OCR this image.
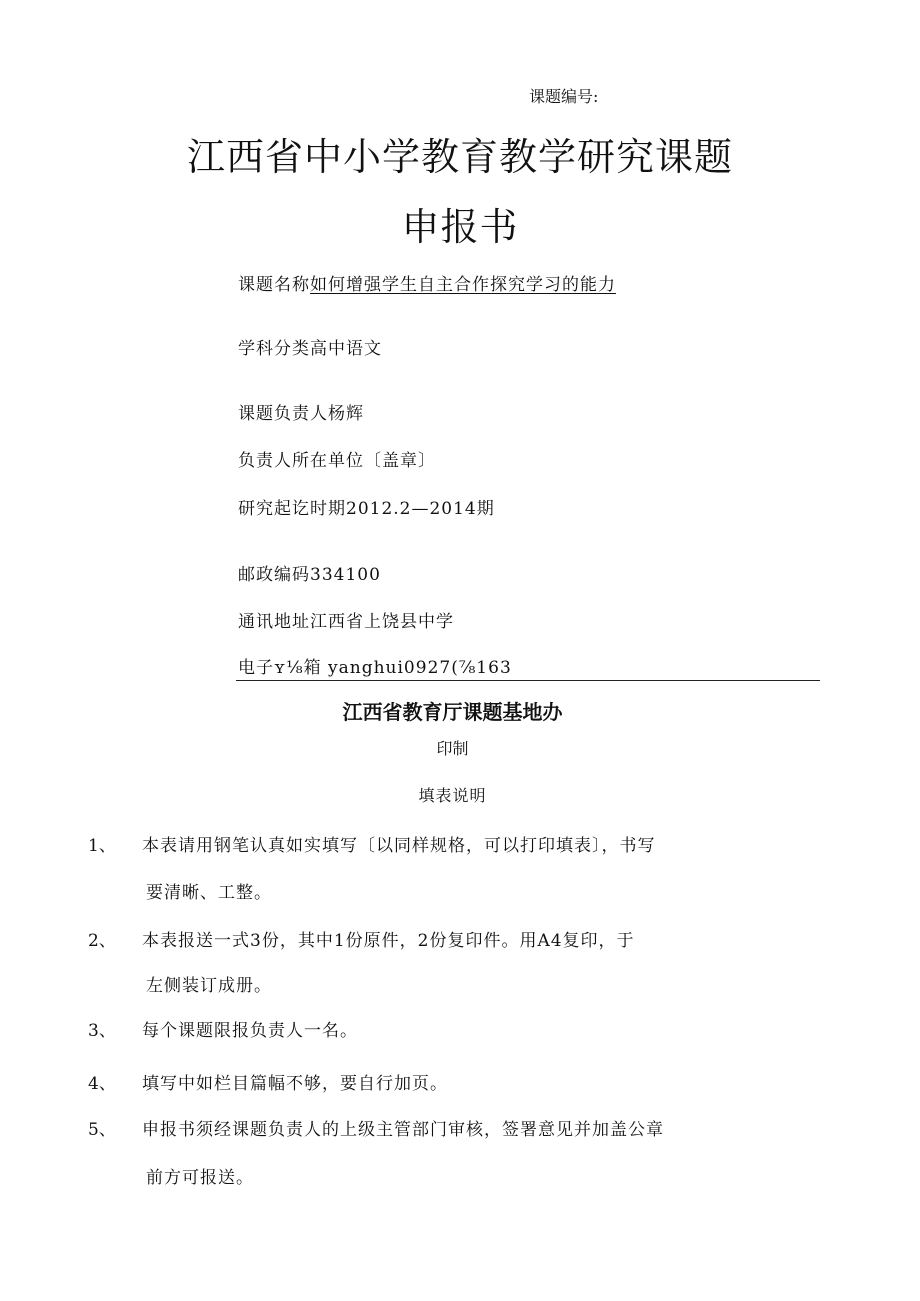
课题编号:
江西省中小学教育教学研究课题
申报书
课题名称如何增强学生自主合作探究学习的能力
学科分类高中语文
课题负责人杨辉
负责人所在单位〔盖章〕
研究起讫时期2012.2—2014期
邮政编码334100
通讯地址江西省上饶县中学
电子ʏ⅛箱 yanghui0927(⅞163
江西省教育厅课题基地办
印制
填表说明
1、 本表请用钢笔认真如实填写〔以同样规格，可以打印填表〕，书写
要清晰、工整。
2、 本表报送一式3份，其中1份原件，2份复印件。用A4复印，于
左侧装订成册。
3、 每个课题限报负责人一名。
4、 填写中如栏目篇幅不够，要自行加页。
5、 申报书须经课题负责人的上级主管部门审核，签署意见并加盖公章
前方可报送。
